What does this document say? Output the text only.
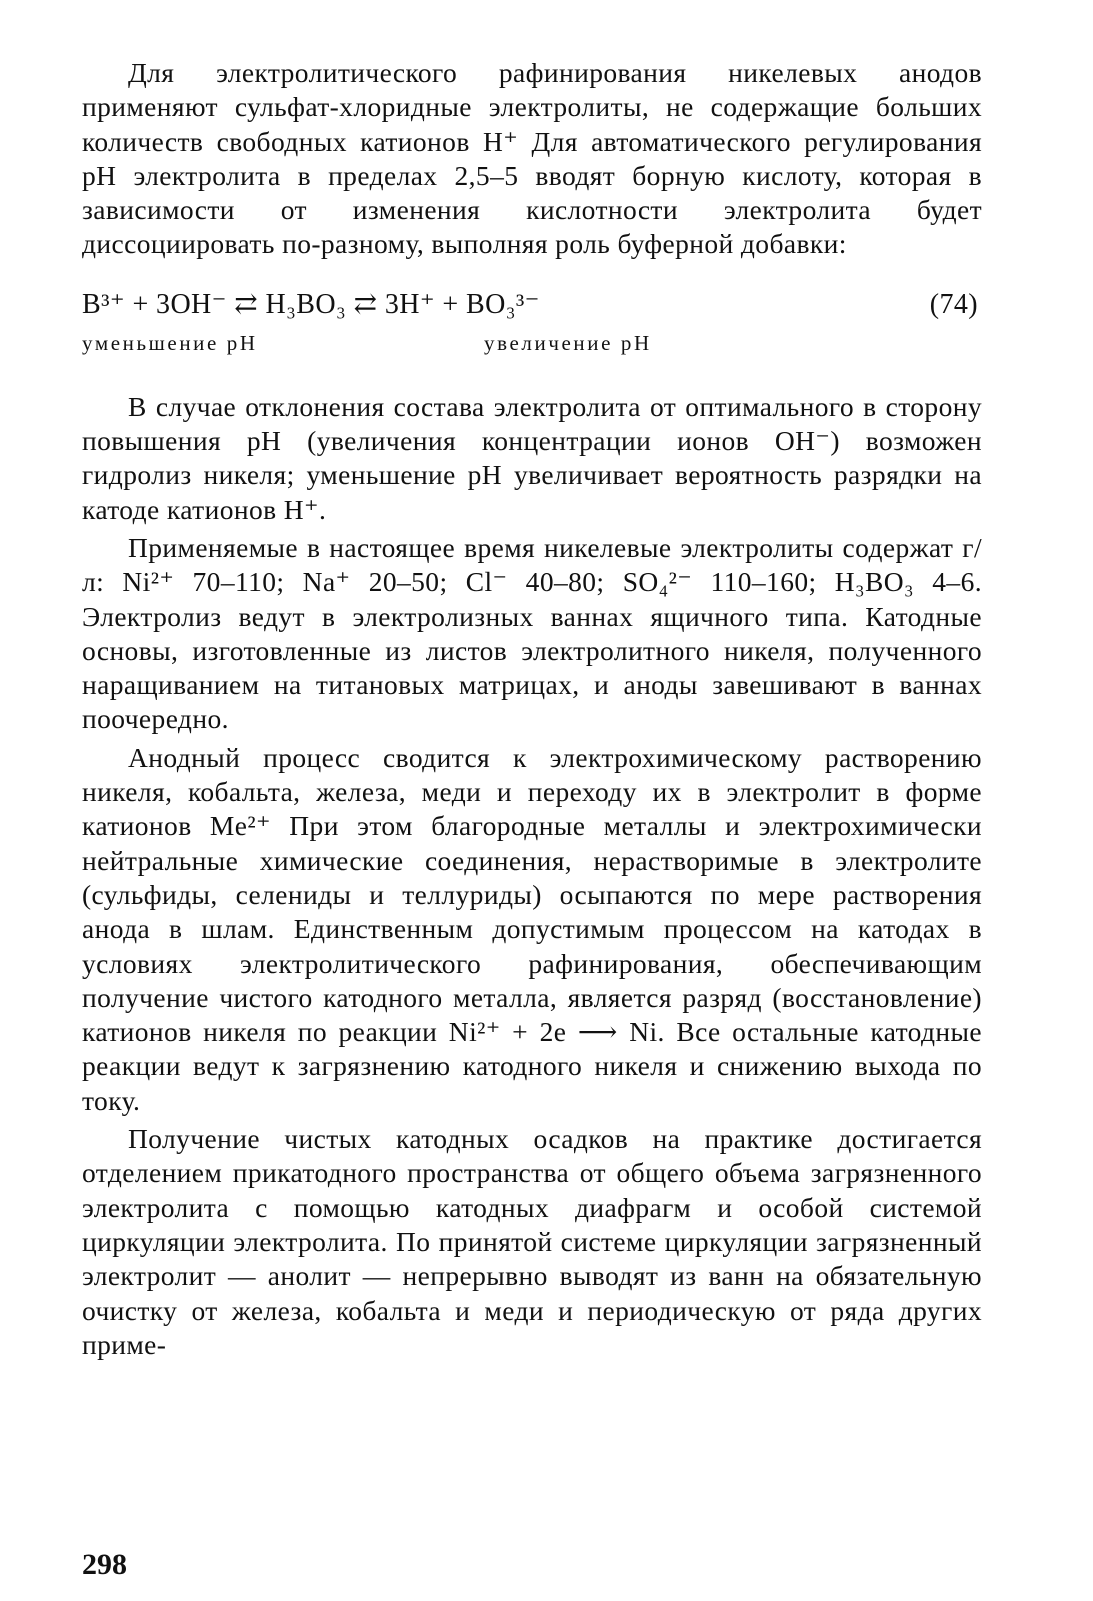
Для электролитического рафинирования никелевых анодов применяют сульфат-хлоридные электролиты, не содержащие больших количеств свободных катионов H⁺ Для автоматического регулирования pH электролита в пределах 2,5–5 вводят борную кислоту, которая в зависимости от изменения кислотности электролита будет диссоциировать по-разному, выполняя роль буферной добавки:

B³⁺ + 3OH⁻ ⇄ H₃BO₃ ⇄ 3H⁺ + BO₃³⁻	(74)
уменьшение pH	увеличение pH

В случае отклонения состава электролита от оптимального в сторону повышения pH (увеличения концентрации ионов OH⁻) возможен гидролиз никеля; уменьшение pH увеличивает вероятность разрядки на катоде катионов H⁺.

Применяемые в настоящее время никелевые электролиты содержат г/л: Ni²⁺ 70–110; Na⁺ 20–50; Cl⁻ 40–80; SO₄²⁻ 110–160; H₃BO₃ 4–6. Электролиз ведут в электролизных ваннах ящичного типа. Катодные основы, изготовленные из листов электролитного никеля, полученного наращиванием на титановых матрицах, и аноды завешивают в ваннах поочередно.

Анодный процесс сводится к электрохимическому растворению никеля, кобальта, железа, меди и переходу их в электролит в форме катионов Me²⁺ При этом благородные металлы и электрохимически нейтральные химические соединения, нерастворимые в электролите (сульфиды, селениды и теллуриды) осыпаются по мере растворения анода в шлам. Единственным допустимым процессом на катодах в условиях электролитического рафинирования, обеспечивающим получение чистого катодного металла, является разряд (восстановление) катионов никеля по реакции Ni²⁺ + 2e ⟶ Ni. Все остальные катодные реакции ведут к загрязнению катодного никеля и снижению выхода по току.

Получение чистых катодных осадков на практике достигается отделением прикатодного пространства от общего объема загрязненного электролита с помощью катодных диафрагм и особой системой циркуляции электролита. По принятой системе циркуляции загрязненный электролит — анолит — непрерывно выводят из ванн на обязательную очистку от железа, кобальта и меди и периодическую от ряда других приме-

298
